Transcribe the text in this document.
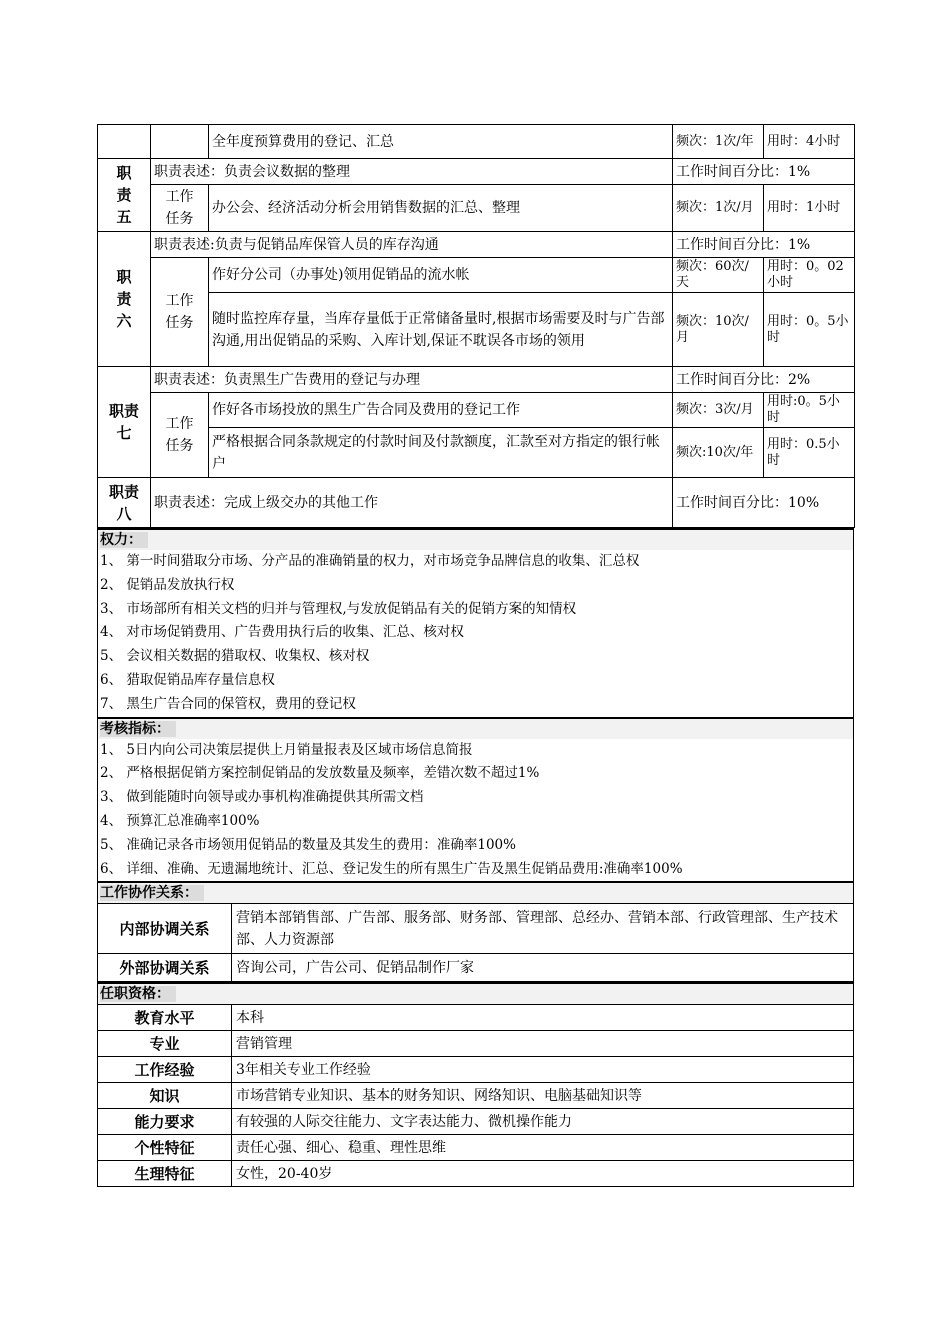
		全年度预算费用的登记、汇总	频次：1次/年	用时：4小时
职责五	职责表述：负责会议数据的整理		工作时间百分比：1%	
	工作任务	办公会、经济活动分析会用销售数据的汇总、整理	频次：1次/月	用时：1小时
职责六	职责表述:负责与促销品库保管人员的库存沟通		工作时间百分比：1%	
	工作任务	作好分公司（办事处)领用促销品的流水帐	频次：60次/天	用时：0。02小时
		随时监控库存量，当库存量低于正常储备量时,根据市场需要及时与广告部沟通,用出促销品的采购、入库计划,保证不耽误各市场的领用	频次：10次/月	用时：0。5小时
职责七	职责表述：负责黑生广告费用的登记与办理		工作时间百分比：2%	
	工作任务	作好各市场投放的黑生广告合同及费用的登记工作	频次：3次/月	用时:0。5小时
		严格根据合同条款规定的付款时间及付款额度，汇款至对方指定的银行帐户	频次:10次/年	用时：0.5小时
职责八	职责表述：完成上级交办的其他工作		工作时间百分比：10%	
权力：
1、 第一时间猎取分市场、分产品的准确销量的权力，对市场竞争品牌信息的收集、汇总权
2、 促销品发放执行权
3、 市场部所有相关文档的归并与管理权,与发放促销品有关的促销方案的知情权
4、 对市场促销费用、广告费用执行后的收集、汇总、核对权
5、 会议相关数据的猎取权、收集权、核对权
6、 猎取促销品库存量信息权
7、 黑生广告合同的保管权，费用的登记权
考核指标：
1、 5日内向公司决策层提供上月销量报表及区域市场信息简报
2、 严格根据促销方案控制促销品的发放数量及频率，差错次数不超过1%
3、 做到能随时向领导或办事机构准确提供其所需文档
4、 预算汇总准确率100%
5、 准确记录各市场领用促销品的数量及其发生的费用：准确率100%
6、 详细、准确、无遗漏地统计、汇总、登记发生的所有黑生广告及黑生促销品费用:准确率100%
工作协作关系：
内部协调关系	营销本部销售部、广告部、服务部、财务部、管理部、总经办、营销本部、行政管理部、生产技术部、人力资源部
外部协调关系	咨询公司，广告公司、促销品制作厂家
任职资格：
教育水平	本科
专业	营销管理
工作经验	3年相关专业工作经验
知识	市场营销专业知识、基本的财务知识、网络知识、电脑基础知识等
能力要求	有较强的人际交往能力、文字表达能力、微机操作能力
个性特征	责任心强、细心、稳重、理性思维
生理特征	女性，20-40岁
